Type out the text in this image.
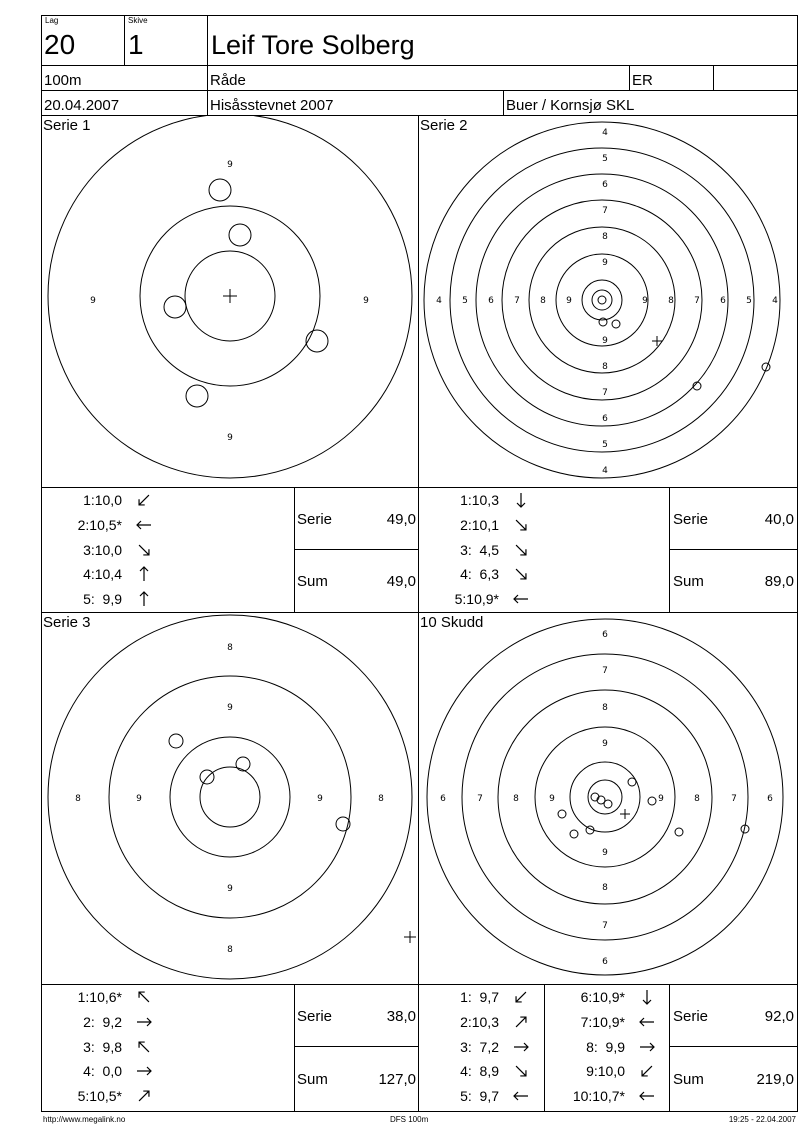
Lag
20
Skive
1 Leif Tore Solberg
100m	Råde	ER
20.04.2007	Hisåsstevnet 2007	Buer / Kornsjø SKL
Serie 1	Serie 2
Serie 3	10 Skudd
9
9
9	9
4
5
6
7
8
9
9
8
7
6
5
4
4 5 6 7 8 9	9 8 7 6 5 4
8
9
9
8
8	9	9	8
6
7
8
9
9
8
7
6
6	7	8	9	9	8	7	6
1:10,0
2:10,5*
3:10,0
4:10,4
5:  9,9
1:10,3
2:10,1
3:  4,5
4:  6,3
5:10,9*
1:10,6*
2:  9,2
3:  9,8
4:  0,0
5:10,5*
1:  9,7
2:10,3
3:  7,2
4:  8,9
5:  9,7
6:10,9*
7:10,9*
8:  9,9
9:10,0
10:10,7*
Serie	49,0
Sum	49,0
Serie	40,0
Sum	89,0
Serie	38,0
Sum	127,0
Serie	92,0
Sum	219,0
http://www.megalink.no	DFS 100m	19:25 - 22.04.2007
